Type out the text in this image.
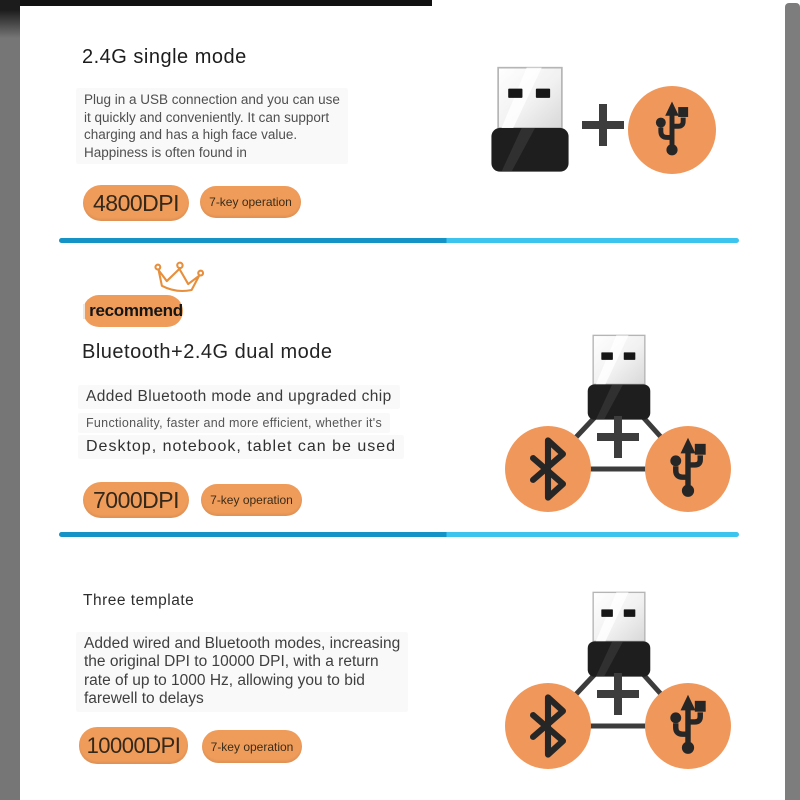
2.4G single mode
Plug in a USB connection and you can use
it quickly and conveniently. It can support
charging and has a high face value.
Happiness is often found in
4800DPI	7-key operation
recommend
Bluetooth+2.4G dual mode
Added Bluetooth mode and upgraded chip
Functionality, faster and more efficient, whether it's
Desktop, notebook, tablet can be used
7000DPI	7-key operation
Three template
Added wired and Bluetooth modes, increasing
the original DPI to 10000 DPI, with a return
rate of up to 1000 Hz, allowing you to bid
farewell to delays
10000DPI	7-key operation
